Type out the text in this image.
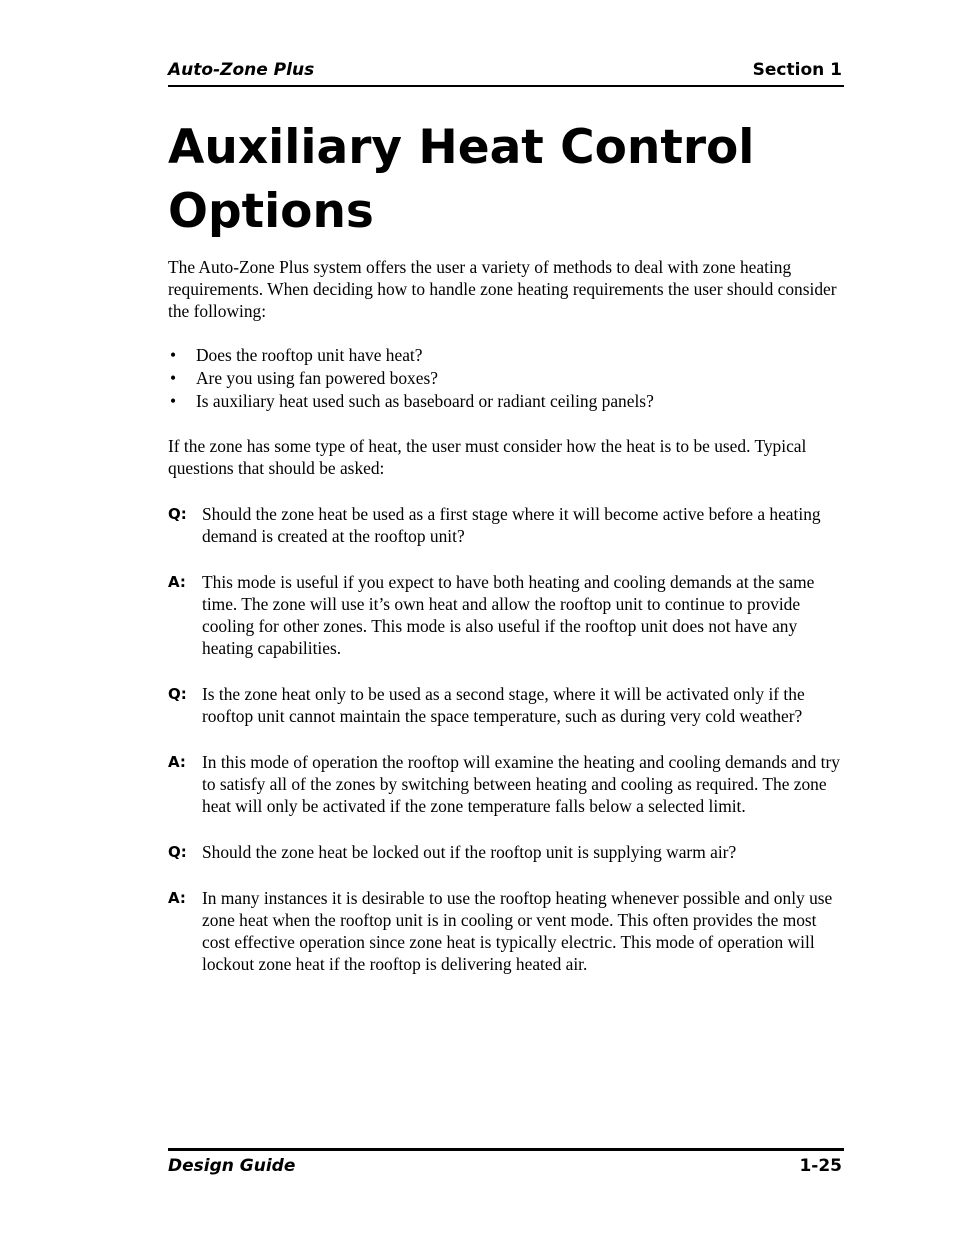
Auto-Zone Plus	Section 1
Auxiliary Heat Control Options

The Auto-Zone Plus system offers the user a variety of methods to deal with zone heating requirements. When deciding how to handle zone heating requirements the user should consider the following:

• Does the rooftop unit have heat?
• Are you using fan powered boxes?
• Is auxiliary heat used such as baseboard or radiant ceiling panels?

If the zone has some type of heat, the user must consider how the heat is to be used. Typical questions that should be asked:

Q: Should the zone heat be used as a first stage where it will become active before a heating demand is created at the rooftop unit?
A: This mode is useful if you expect to have both heating and cooling demands at the same time. The zone will use it’s own heat and allow the rooftop unit to continue to provide cooling for other zones. This mode is also useful if the rooftop unit does not have any heating capabilities.
Q: Is the zone heat only to be used as a second stage, where it will be activated only if the rooftop unit cannot maintain the space temperature, such as during very cold weather?
A: In this mode of operation the rooftop will examine the heating and cooling demands and try to satisfy all of the zones by switching between heating and cooling as required. The zone heat will only be activated if the zone temperature falls below a selected limit.
Q: Should the zone heat be locked out if the rooftop unit is supplying warm air?
A: In many instances it is desirable to use the rooftop heating whenever possible and only use zone heat when the rooftop unit is in cooling or vent mode. This often provides the most cost effective operation since zone heat is typically electric. This mode of operation will lockout zone heat if the rooftop is delivering heated air.
Design Guide	1-25
